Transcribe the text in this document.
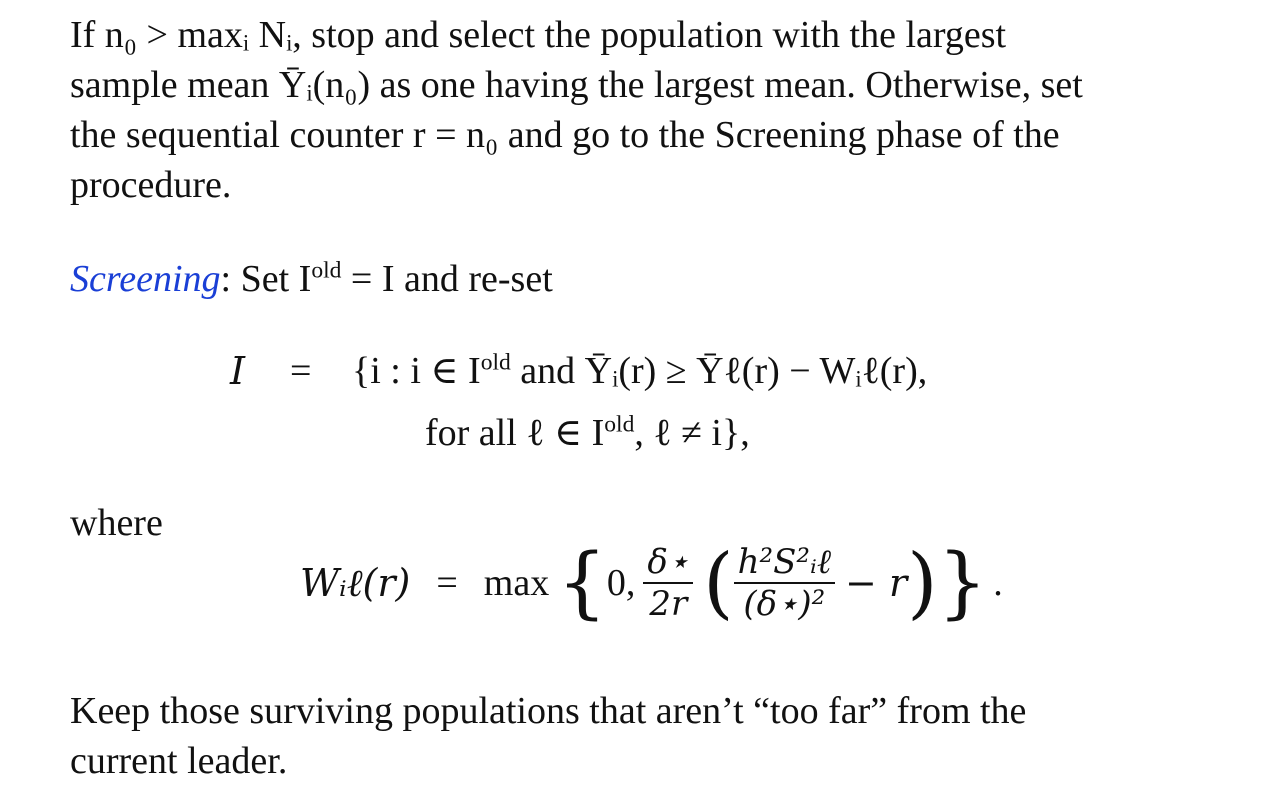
If n₀ > maxᵢ Nᵢ, stop and select the population with the largest
sample mean Ȳᵢ(n₀) as one having the largest mean. Otherwise, set
the sequential counter r = n₀ and go to the Screening phase of the
procedure.
Screening: Set $I^{old} = I$ and re-set
I = {i : i ∈ $I^{old}$ and Ȳᵢ(r) ≥ Ȳℓ(r) − Wᵢℓ(r),
for all ℓ ∈ $I^{old}$, ℓ ≠ i},
where
Wᵢℓ(r) = max { 0, $\frac{\delta⋆}{2r}$ ( $\frac{\text{h²S²ᵢℓ}}{\text{(δ⋆)²}} - r$ ) } .
Keep those surviving populations that aren’t “too far” from the
current leader.
